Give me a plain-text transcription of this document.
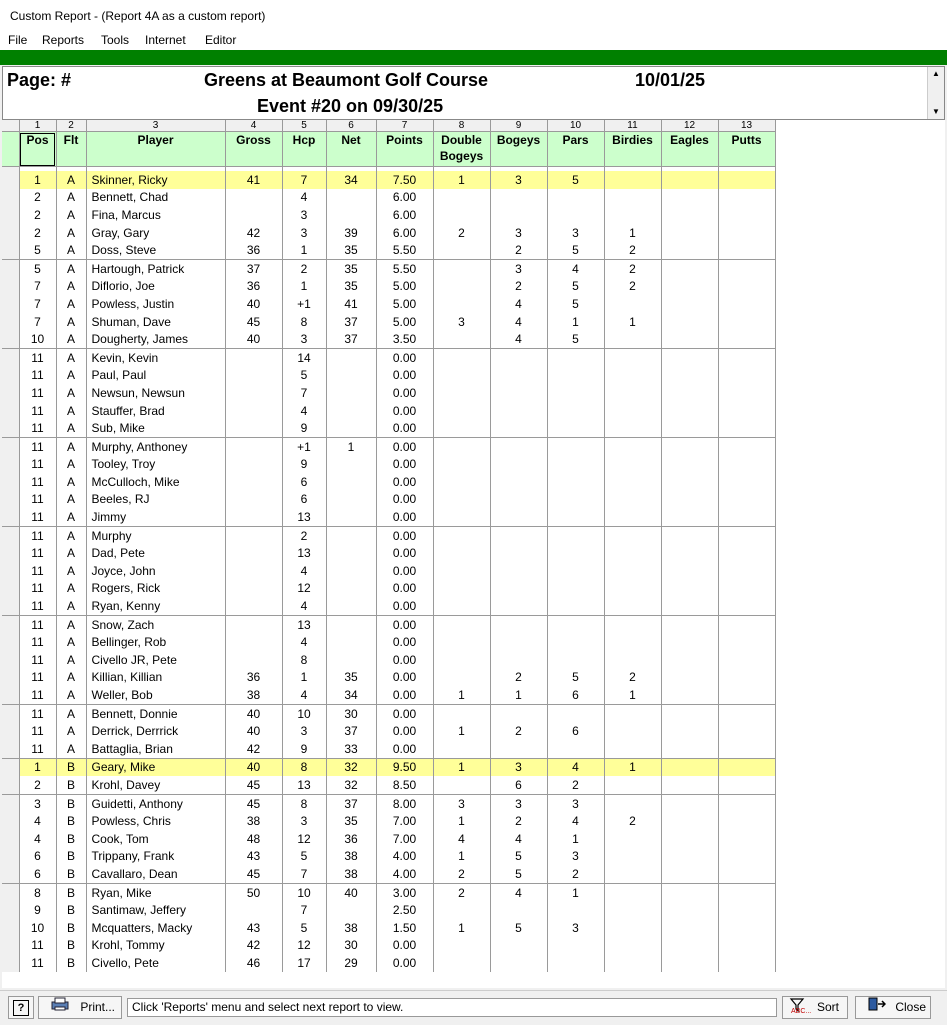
Custom Report - (Report 4A as a custom report)
File Reports Tools Internet Editor
Page: #	Greens at Beaumont Golf Course	10/01/25
Event #20 on 09/30/25
▲
▼
	1	2	3	4	5	6	7	8	9	10	11	12	13
	Pos	Flt	Player	Gross	Hcp	Net	Points	Double Bogeys	Bogeys	Pars	Birdies	Eagles	Putts

	1	A	Skinner, Ricky	41	7	34	7.50	1	3	5			
	2	A	Bennett, Chad		4		6.00						
	2	A	Fina, Marcus		3		6.00						
	2	A	Gray, Gary	42	3	39	6.00	2	3	3	1		
	5	A	Doss, Steve	36	1	35	5.50		2	5	2		
	5	A	Hartough, Patrick	37	2	35	5.50		3	4	2		
	7	A	Diflorio, Joe	36	1	35	5.00		2	5	2		
	7	A	Powless, Justin	40	+1	41	5.00		4	5			
	7	A	Shuman, Dave	45	8	37	5.00	3	4	1	1		
	10	A	Dougherty, James	40	3	37	3.50		4	5			
	11	A	Kevin, Kevin		14		0.00						
	11	A	Paul, Paul		5		0.00						
	11	A	Newsun, Newsun		7		0.00						
	11	A	Stauffer, Brad		4		0.00						
	11	A	Sub, Mike		9		0.00						
	11	A	Murphy, Anthoney		+1	1	0.00						
	11	A	Tooley, Troy		9		0.00						
	11	A	McCulloch, Mike		6		0.00						
	11	A	Beeles, RJ		6		0.00						
	11	A	Jimmy		13		0.00						
	11	A	Murphy		2		0.00						
	11	A	Dad, Pete		13		0.00						
	11	A	Joyce, John		4		0.00						
	11	A	Rogers, Rick		12		0.00						
	11	A	Ryan, Kenny		4		0.00						
	11	A	Snow, Zach		13		0.00						
	11	A	Bellinger, Rob		4		0.00						
	11	A	Civello JR, Pete		8		0.00						
	11	A	Killian, Killian	36	1	35	0.00		2	5	2		
	11	A	Weller, Bob	38	4	34	0.00	1	1	6	1		
	11	A	Bennett, Donnie	40	10	30	0.00						
	11	A	Derrick, Derrrick	40	3	37	0.00	1	2	6			
	11	A	Battaglia, Brian	42	9	33	0.00						
	1	B	Geary, Mike	40	8	32	9.50	1	3	4	1		
	2	B	Krohl, Davey	45	13	32	8.50		6	2			
	3	B	Guidetti, Anthony	45	8	37	8.00	3	3	3			
	4	B	Powless, Chris	38	3	35	7.00	1	2	4	2		
	4	B	Cook, Tom	48	12	36	7.00	4	4	1			
	6	B	Trippany, Frank	43	5	38	4.00	1	5	3			
	6	B	Cavallaro, Dean	45	7	38	4.00	2	5	2			
	8	B	Ryan, Mike	50	10	40	3.00	2	4	1			
	9	B	Santimaw, Jeffery		7		2.50						
	10	B	Mcquatters, Macky	43	5	38	1.50	1	5	3			
	11	B	Krohl, Tommy	42	12	30	0.00						
	11	B	Civello, Pete	46	17	29	0.00						
?	Print...	Click 'Reports' menu and select next report to view.	ABC... Sort	Close
